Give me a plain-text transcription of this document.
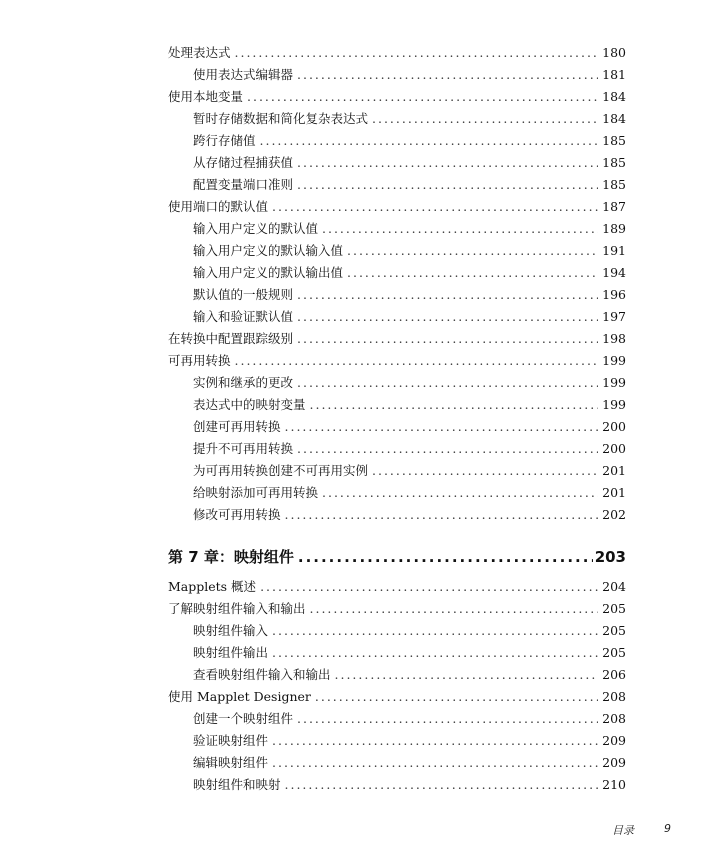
处理表达式 .....	180
使用表达式编辑器 .....	181
使用本地变量 .....	184
暂时存储数据和简化复杂表达式 .....	184
跨行存储值 .....	185
从存储过程捕获值 .....	185
配置变量端口准则 .....	185
使用端口的默认值 .....	187
输入用户定义的默认值 .....	189
输入用户定义的默认输入值 .....	191
输入用户定义的默认输出值 .....	194
默认值的一般规则 .....	196
输入和验证默认值 .....	197
在转换中配置跟踪级别 .....	198
可再用转换 .....	199
实例和继承的更改 .....	199
表达式中的映射变量 .....	199
创建可再用转换 .....	200
提升不可再用转换 .....	200
为可再用转换创建不可再用实例 .....	201
给映射添加可再用转换 .....	201
修改可再用转换 .....	202
第 7 章：映射组件 .....	203
Mapplets 概述 .....	204
了解映射组件输入和输出 .....	205
映射组件输入 .....	205
映射组件输出 .....	205
查看映射组件输入和输出 .....	206
使用 Mapplet Designer .....	208
创建一个映射组件 .....	208
验证映射组件 .....	209
编辑映射组件 .....	209
映射组件和映射 .....	210
目录	9
